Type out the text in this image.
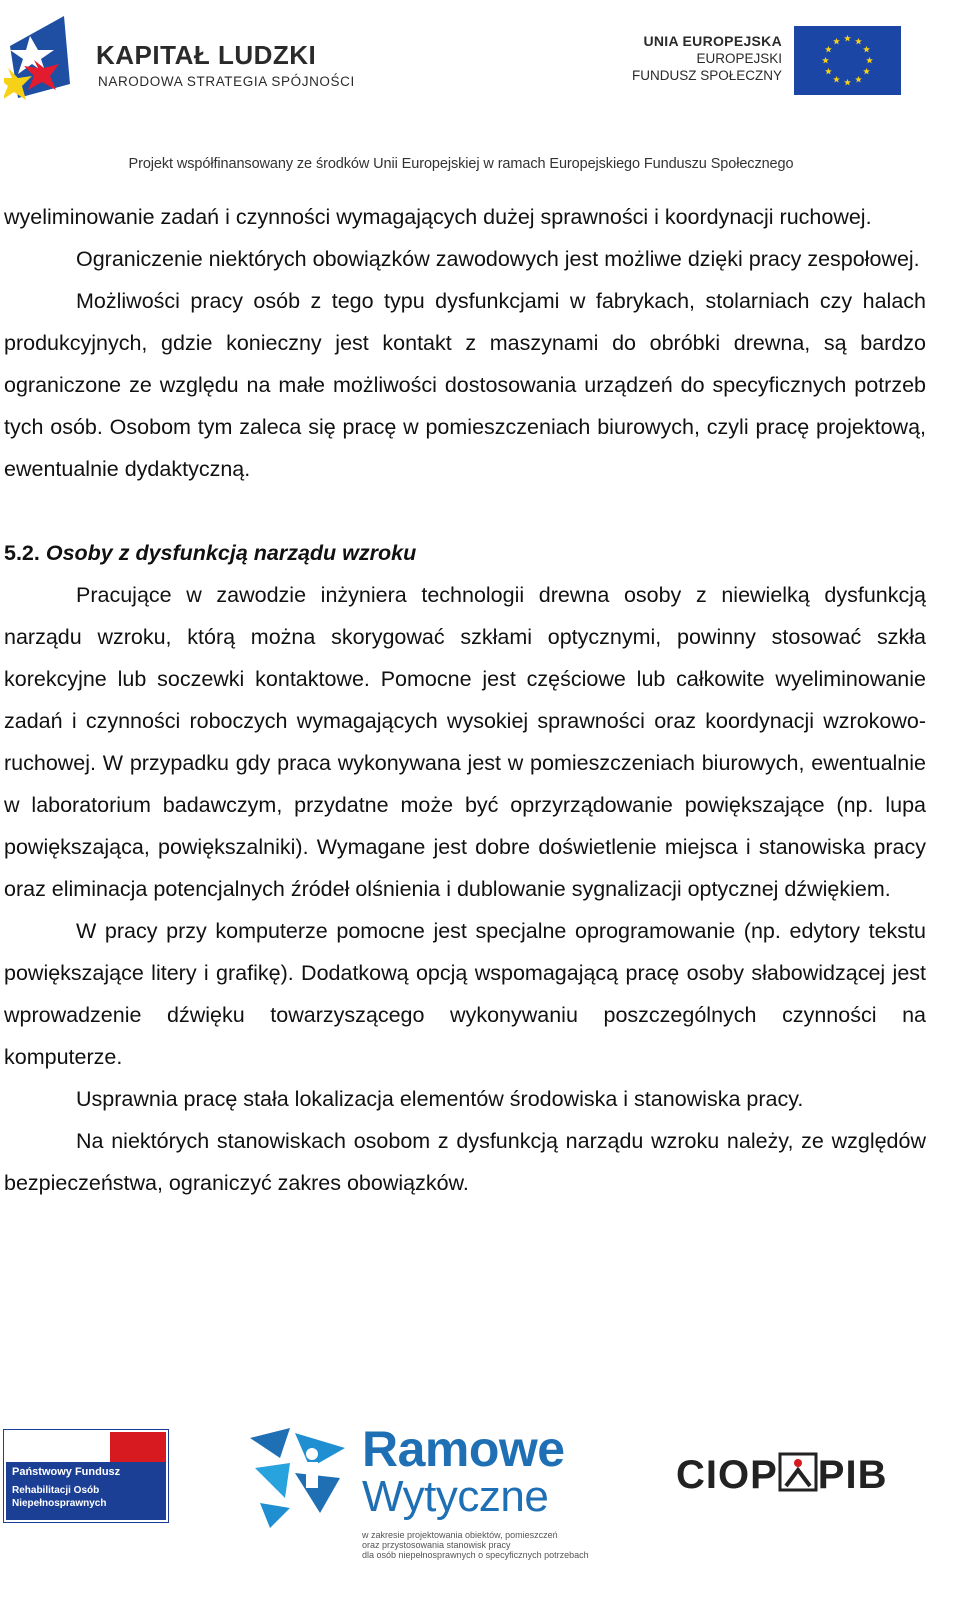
KAPITAŁ LUDZKI
NARODOWA STRATEGIA SPÓJNOŚCI
UNIA EUROPEJSKA
EUROPEJSKI
FUNDUSZ SPOŁECZNY
Projekt współfinansowany ze środków Unii Europejskiej w ramach Europejskiego Funduszu Społecznego

wyeliminowanie zadań i czynności wymagających dużej sprawności i koordynacji ruchowej.

Ograniczenie niektórych obowiązków zawodowych jest możliwe dzięki pracy zespołowej.

Możliwości pracy osób z tego typu dysfunkcjami w fabrykach, stolarniach czy halach produkcyjnych, gdzie konieczny jest kontakt z maszynami do obróbki drewna, są bardzo ograniczone ze względu na małe możliwości dostosowania urządzeń do specyficznych potrzeb tych osób. Osobom tym zaleca się pracę w pomieszczeniach biurowych, czyli pracę projektową, ewentualnie dydaktyczną.

5.2. Osoby z dysfunkcją narządu wzroku

Pracujące w zawodzie inżyniera technologii drewna osoby z niewielką dysfunkcją narządu wzroku, którą można skorygować szkłami optycznymi, powinny stosować szkła korekcyjne lub soczewki kontaktowe. Pomocne jest częściowe lub całkowite wyeliminowanie zadań i czynności roboczych wymagających wysokiej sprawności oraz koordynacji wzrokowo-ruchowej. W przypadku gdy praca wykonywana jest w pomieszczeniach biurowych, ewentualnie w laboratorium badawczym, przydatne może być oprzyrządowanie powiększające (np. lupa powiększająca, powiększalniki). Wymagane jest dobre doświetlenie miejsca i stanowiska pracy oraz eliminacja potencjalnych źródeł olśnienia i dublowanie sygnalizacji optycznej dźwiękiem.

W pracy przy komputerze pomocne jest specjalne oprogramowanie (np. edytory tekstu powiększające litery i grafikę). Dodatkową opcją wspomagającą pracę osoby słabowidzącej jest wprowadzenie dźwięku towarzyszącego wykonywaniu poszczególnych czynności na komputerze.

Usprawnia pracę stała lokalizacja elementów środowiska i stanowiska pracy.

Na niektórych stanowiskach osobom z dysfunkcją narządu wzroku należy, ze względów bezpieczeństwa, ograniczyć zakres obowiązków.

Państwowy Fundusz
Rehabilitacji Osób
Niepełnosprawnych
Ramowe
Wytyczne
w zakresie projektowania obiektów, pomieszczeń
oraz przystosowania stanowisk pracy
dla osób niepełnosprawnych o specyficznych potrzebach
CIOP PIB
